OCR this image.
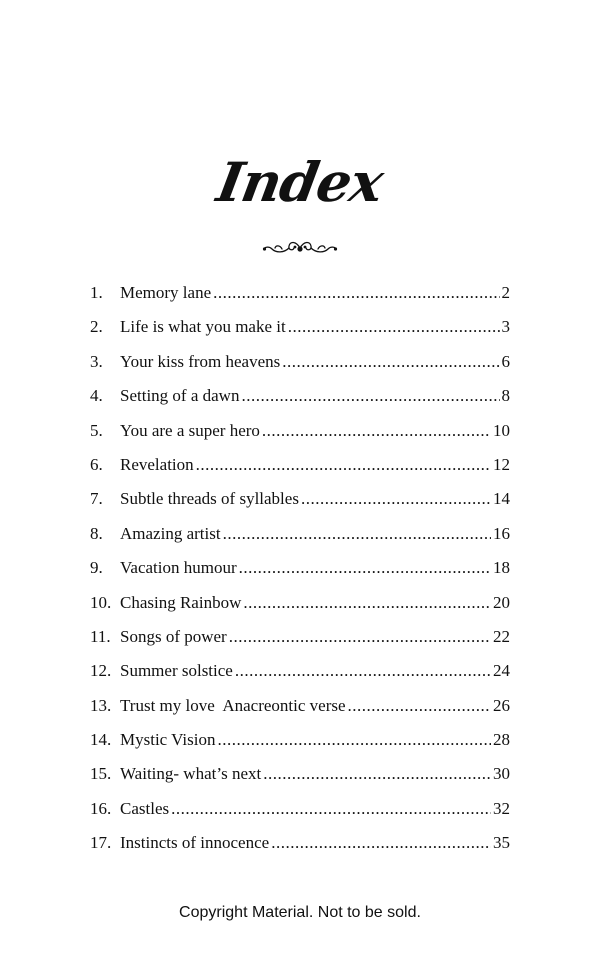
Index
1.	Memory lane .....	2
2.	Life is what you make it .....	3
3.	Your kiss from heavens .....	6
4.	Setting of a dawn .....	8
5.	You are a super hero .....	10
6.	Revelation .....	12
7.	Subtle threads of syllables .....	14
8.	Amazing artist .....	16
9.	Vacation humour .....	18
10. Chasing Rainbow .....	20
11. Songs of power .....	22
12. Summer solstice .....	24
13. Trust my love  Anacreontic verse .....	26
14. Mystic Vision .....	28
15. Waiting- what’s next .....	30
16. Castles .....	32
17. Instincts of innocence .....	35
Copyright Material. Not to be sold.
